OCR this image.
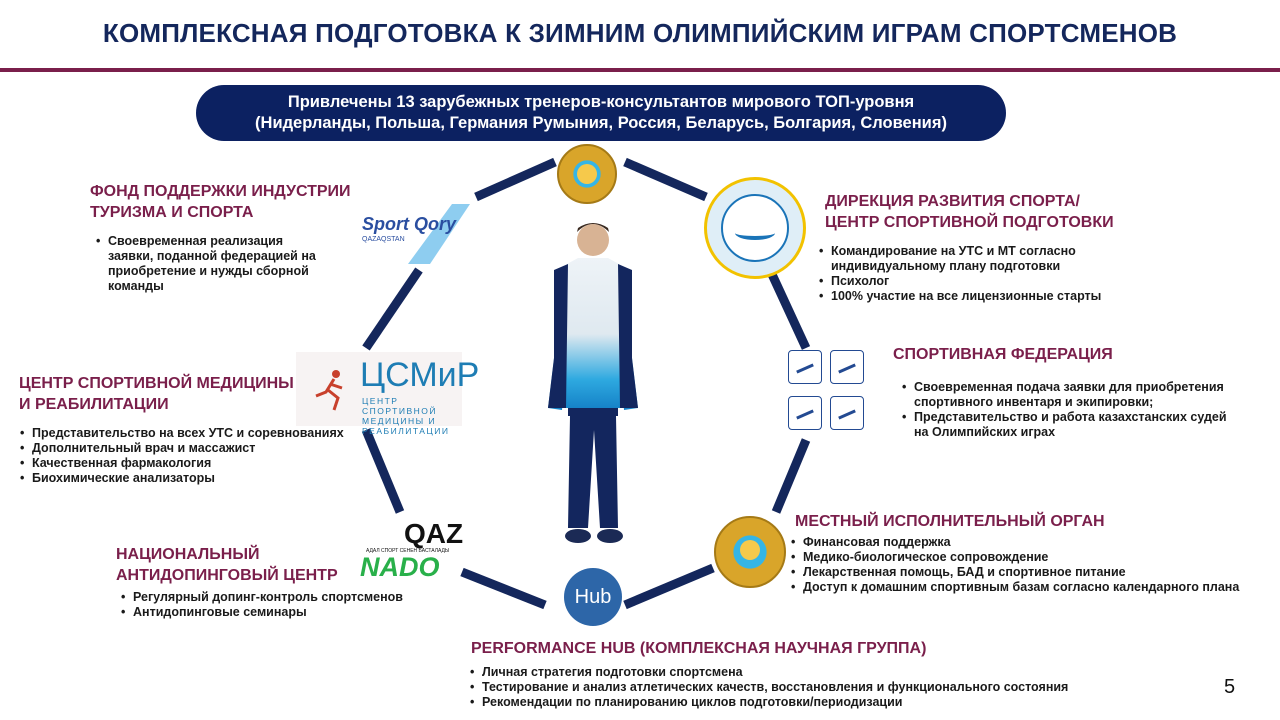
КОМПЛЕКСНАЯ ПОДГОТОВКА К ЗИМНИМ ОЛИМПИЙСКИМ ИГРАМ СПОРТСМЕНОВ
Привлечены 13 зарубежных тренеров-консультантов мирового ТОП-уровня
(Нидерланды, Польша, Германия Румыния, Россия, Беларусь, Болгария, Словения)
Sport Qory
QAZAQSTAN
ЦСМиР
ЦЕНТР СПОРТИВНОЙ
МЕДИЦИНЫ И
РЕАБИЛИТАЦИИ
QAZ
АДАЛ СПОРТ СЕНЕН БАСТАЛАДЫ
NADO
Hub
ФОНД ПОДДЕРЖКИ ИНДУСТРИИ
ТУРИЗМА И СПОРТА
• Своевременная реализация
заявки, поданной федерацией на
приобретение и нужды сборной
команды
ДИРЕКЦИЯ РАЗВИТИЯ СПОРТА/
ЦЕНТР СПОРТИВНОЙ ПОДГОТОВКИ
• Командирование на УТС и МТ согласно
индивидуальному плану подготовки
• Психолог
• 100% участие на все лицензионные старты
ЦЕНТР СПОРТИВНОЙ МЕДИЦИНЫ
И РЕАБИЛИТАЦИИ
• Представительство на всех УТС и соревнованиях
• Дополнительный врач и массажист
• Качественная фармакология
• Биохимические анализаторы
СПОРТИВНАЯ ФЕДЕРАЦИЯ
• Своевременная подача заявки для приобретения
спортивного инвентаря и экипировки;
• Представительство и работа казахстанских судей
на Олимпийских играх
МЕСТНЫЙ ИСПОЛНИТЕЛЬНЫЙ ОРГАН
• Финансовая поддержка
• Медико-биологическое сопровождение
• Лекарственная помощь, БАД и спортивное питание
• Доступ к домашним спортивным базам согласно календарного плана
НАЦИОНАЛЬНЫЙ
АНТИДОПИНГОВЫЙ ЦЕНТР
• Регулярный допинг-контроль спортсменов
• Антидопинговые семинары
PERFORMANCE HUB (КОМПЛЕКСНАЯ НАУЧНАЯ ГРУППА)
• Личная стратегия подготовки спортсмена
• Тестирование и анализ атлетических качеств, восстановления и функционального состояния
• Рекомендации по планированию циклов подготовки/периодизации
5
